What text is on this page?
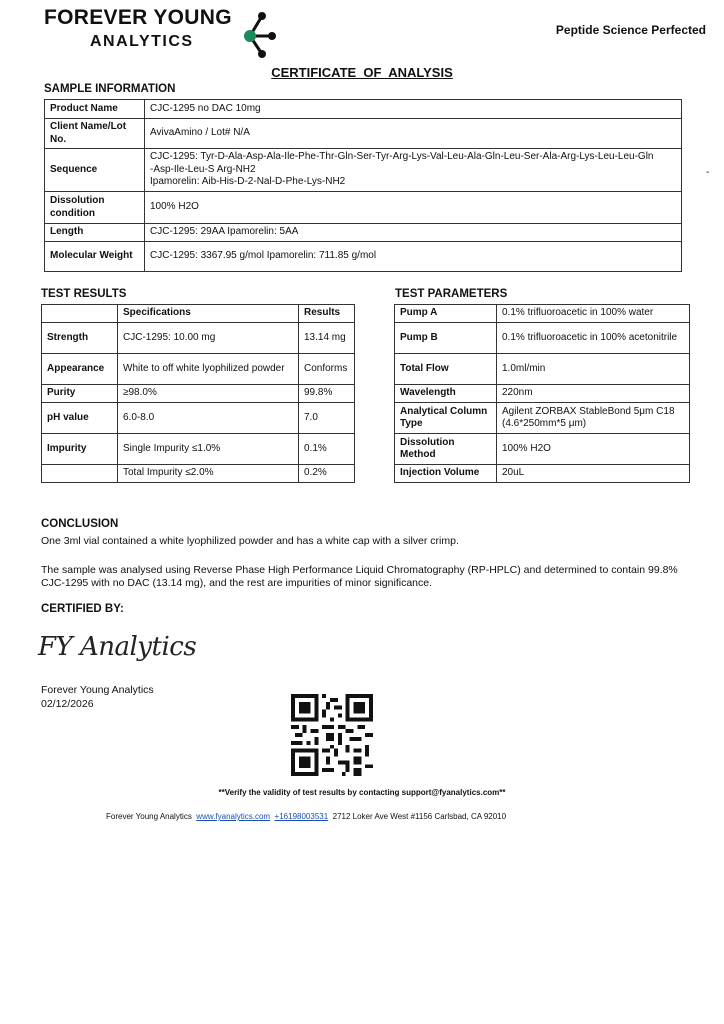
FOREVER YOUNG
ANALYTICS
Peptide Science Perfected
CERTIFICATE  OF  ANALYSIS
SAMPLE INFORMATION
Product Name	CJC-1295 no DAC 10mg
Client Name/Lot No.	AvivaAmino / Lot# N/A
Sequence	CJC-1295: Tyr-D-Ala-Asp-Ala-Ile-Phe-Thr-Gln-Ser-Tyr-Arg-Lys-Val-Leu-Ala-Gln-Leu-Ser-Ala-Arg-Lys-Leu-Leu-Gln
-Asp-Ile-Leu-S Arg-NH2
Ipamorelin: Aib-His-D-2-Nal-D-Phe-Lys-NH2

Dissolution condition	100% H2O
Length	CJC-1295: 29AA Ipamorelin: 5AA
Molecular Weight	CJC-1295: 3367.95 g/mol Ipamorelin: 711.85 g/mol
-
TEST RESULTS
	Specifications	Results
Strength	CJC-1295: 10.00 mg	13.14 mg
Appearance	White to off white lyophilized powder	Conforms
Purity	≥98.0%	99.8%
pH value	6.0-8.0	7.0
Impurity	Single Impurity ≤1.0%	0.1%
	Total Impurity ≤2.0%	0.2%
TEST PARAMETERS
Pump A	0.1% trifluoroacetic in 100% water
Pump B	0.1% trifluoroacetic in 100% acetonitrile
Total Flow	1.0ml/min
Wavelength	220nm
Analytical Column Type	Agilent ZORBAX StableBond 5μm C18 (4.6*250mm*5 μm)
Dissolution Method	100% H2O
Injection Volume	20uL
CONCLUSION
One 3ml vial contained a white lyophilized powder and has a white cap with a silver crimp.
The sample was analysed using Reverse Phase High Performance Liquid Chromatography (RP-HPLC) and determined to contain 99.8% CJC-1295 with no DAC (13.14 mg), and the rest are impurities of minor significance.
CERTIFIED BY:
FY Analytics
Forever Young Analytics
02/12/2026
**Verify the validity of test results by contacting support@fyanalytics.com**
Forever Young Analytics www.fyanalytics.com +16198003531 2712 Loker Ave West #1156 Carlsbad, CA 92010
